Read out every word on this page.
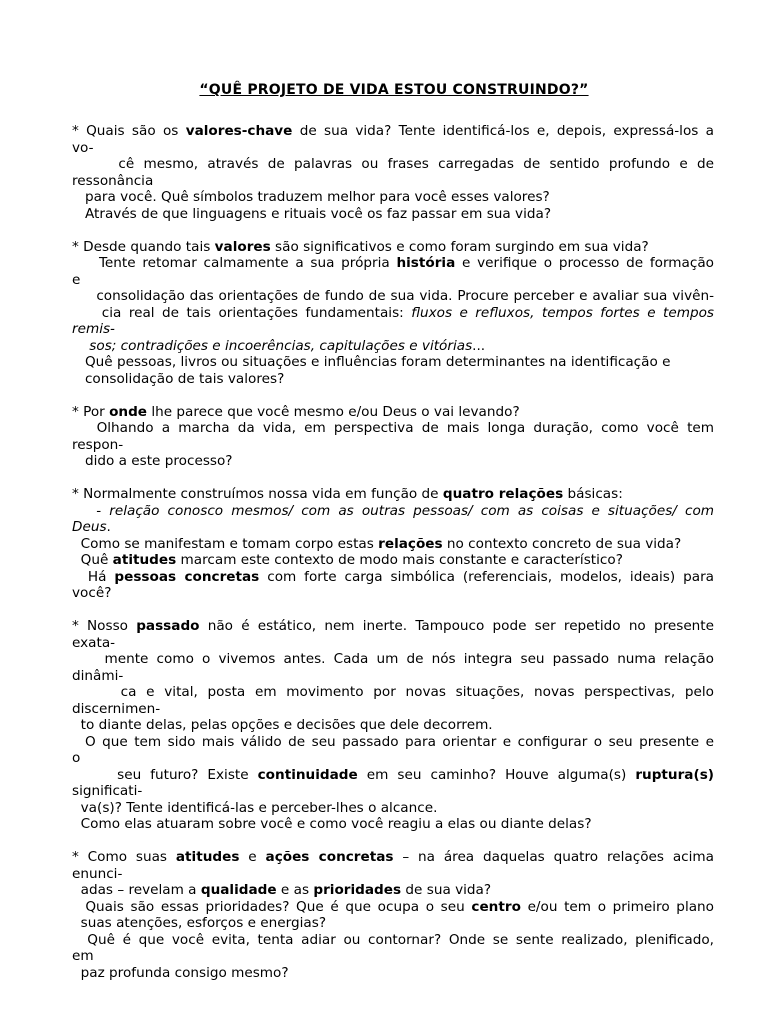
“QUÊ PROJETO DE VIDA ESTOU CONSTRUINDO?”
* Quais são os valores-chave de sua vida? Tente identificá-los e, depois, expressá-los a
vo-
cê mesmo, através de palavras ou frases carregadas de sentido profundo e de
ressonância
para você. Quê símbolos traduzem melhor para você esses valores?
Através de que linguagens e rituais você os faz passar em sua vida?
* Desde quando tais valores são significativos e como foram surgindo em sua vida?
Tente retomar calmamente a sua própria história e verifique o processo de formação
e
consolidação das orientações de fundo de sua vida. Procure perceber e avaliar sua vivên-
cia real de tais orientações fundamentais: fluxos e refluxos, tempos fortes e tempos
remis-
sos; contradições e incoerências, capitulações e vitórias...
Quê pessoas, livros ou situações e influências foram determinantes na identificação e
consolidação de tais valores?
* Por onde lhe parece que você mesmo e/ou Deus o vai levando?
Olhando a marcha da vida, em perspectiva de mais longa duração, como você tem
respon-
dido a este processo?
* Normalmente construímos nossa vida em função de quatro relações básicas:
- relação conosco mesmos/ com as outras pessoas/ com as coisas e situações/ com
Deus.
Como se manifestam e tomam corpo estas relações no contexto concreto de sua vida?
Quê atitudes marcam este contexto de modo mais constante e característico?
Há pessoas concretas com forte carga simbólica (referenciais, modelos, ideais) para
você?
* Nosso passado não é estático, nem inerte. Tampouco pode ser repetido no presente
exata-
mente como o vivemos antes. Cada um de nós integra seu passado numa relação
dinâmi-
ca e vital, posta em movimento por novas situações, novas perspectivas, pelo
discernimen-
to diante delas, pelas opções e decisões que dele decorrem.
O que tem sido mais válido de seu passado para orientar e configurar o seu presente e
o
seu futuro? Existe continuidade em seu caminho? Houve alguma(s) ruptura(s)
significati-
va(s)? Tente identificá-las e perceber-lhes o alcance.
Como elas atuaram sobre você e como você reagiu a elas ou diante delas?
* Como suas atitudes e ações concretas – na área daquelas quatro relações acima
enunci-
adas – revelam a qualidade e as prioridades de sua vida?
Quais são essas prioridades? Que é que ocupa o seu centro e/ou tem o primeiro plano
suas atenções, esforços e energias?
Quê é que você evita, tenta adiar ou contornar? Onde se sente realizado, plenificado,
em
paz profunda consigo mesmo?
